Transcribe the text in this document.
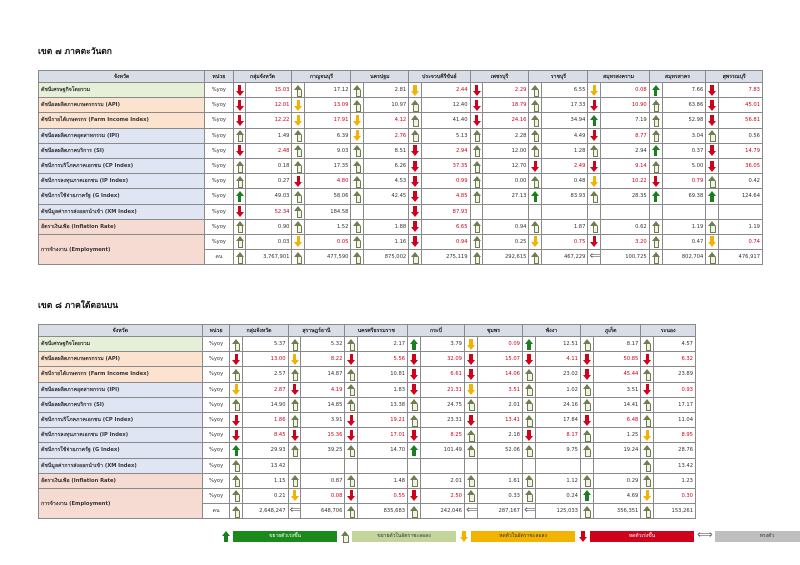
เขต ๗ ภาคตะวันตก
จังหวัด	หน่วย	กลุ่มจังหวัด		กาญจนบุรี		นครปฐม		ประจวบคีรีขันธ์		เพชรบุรี		ราชบุรี		สมุทรสงคราม		สมุทรสาคร		สุพรรณบุรี	
ดัชนีเศรษฐกิจโดยรวม	%yoy		15.03		17.12		2.81		2.44		2.29		6.55		0.08		7.66		7.83
ดัชนีผลผลิตภาคเกษตรกรรม (API)	%yoy		12.01		13.09		10.97		12.40		18.79		17.33		10.90		63.86		45.01
ดัชนีรายได้เกษตรกร (Farm Income Index)	%yoy		12.22		17.91		4.12		41.40		24.16		34.94		7.19		52.98		56.81
ดัชนีผลผลิตภาคอุตสาหกรรม (IPI)	%yoy		1.49		6.39		2.76		5.13		2.28		4.49		8.77		3.04		0.56
ดัชนีผลผลิตภาคบริการ (SI)	%yoy		2.48		9.03		8.51		2.94		12.00		1.28		2.94		0.37		14.79
ดัชนีการบริโภคภาคเอกชน (CP Index)	%yoy		0.18		17.35		6.26		37.35		12.70		2.49		9.14		5.00		36.05
ดัชนีการลงทุนภาคเอกชน (IP Index)	%yoy		0.27		4.80		4.53		0.99		0.00		0.48		10.22		0.79		0.42
ดัชนีการใช้จ่ายภาครัฐ (G Index)	%yoy		49.03		58.06		42.45		4.85		27.13		83.93		28.35		69.38		124.64
ดัชนีมูลค่าการส่งออกนำเข้า (XM Index)	%yoy		52.34		184.58				87.93										
อัตราเงินเฟ้อ (Inflation Rate)	%yoy		0.90		1.52		1.88		6.65		0.94		1.87		0.62		1.19		1.19
การจ้างงาน (Employment)	%yoy		0.03		0.05		1.16		0.94		0.25		0.75		3.20		0.47		0.74
	คน		3,767,901		477,590		875,002		275,119		292,615		467,229	⟺	100,725		802,704		476,917
เขต ๘ ภาคใต้ตอนบน
จังหวัด	หน่วย	กลุ่มจังหวัด		สุราษฎร์ธานี		นครศรีธรรมราช		กระบี่		ชุมพร		พังงา		ภูเก็ต		ระนอง	
ดัชนีเศรษฐกิจโดยรวม	%yoy		5.37		5.32		2.17		3.79		0.09		12.51		8.17		4.57
ดัชนีผลผลิตภาคเกษตรกรรม (API)	%yoy		13.00		8.22		5.56		32.09		15.07		4.11		50.85		6.32
ดัชนีรายได้เกษตรกร (Farm Income Index)	%yoy		2.57		14.87		10.81		6.61		14.06		23.02		45.44		23.89
ดัชนีผลผลิตภาคอุตสาหกรรม (IPI)	%yoy		2.87		4.19		1.83		21.31		3.51		1.02		3.51		0.93
ดัชนีผลผลิตภาคบริการ (SI)	%yoy		14.90		14.85		13.38		24.75		2.01		24.16		14.41		17.17
ดัชนีการบริโภคภาคเอกชน (CP Index)	%yoy		1.86		3.91		19.21		23.31		13.41		17.84		6.48		11.04
ดัชนีการลงทุนภาคเอกชน (IP Index)	%yoy		8.45		15.36		17.01		8.25		2.18		8.17		1.25		8.95
ดัชนีการใช้จ่ายภาครัฐ (G Index)	%yoy		29.93		39.25		14.70		101.49		52.06		9.75		19.24		28.76
ดัชนีมูลค่าการส่งออกนำเข้า (XM Index)	%yoy		13.42														13.42
อัตราเงินเฟ้อ (Inflation Rate)	%yoy		1.15		0.87		1.48		2.01		1.61		1.12		0.29		1.23
การจ้างงาน (Employment)	%yoy		0.21		0.08		0.55		2.50		0.33		0.24		4.69		0.30
	คน		2,648,247	⟺	648,706		835,683		242,046	⟺	287,167	⟺	125,033		356,351		153,261
ขยายตัวเร่งขึ้น	ขยายตัวในอัตราชะลอลง	หดตัวในอัตราชะลอลง	หดตัวเร่งขึ้น ⟺	ทรงตัว
